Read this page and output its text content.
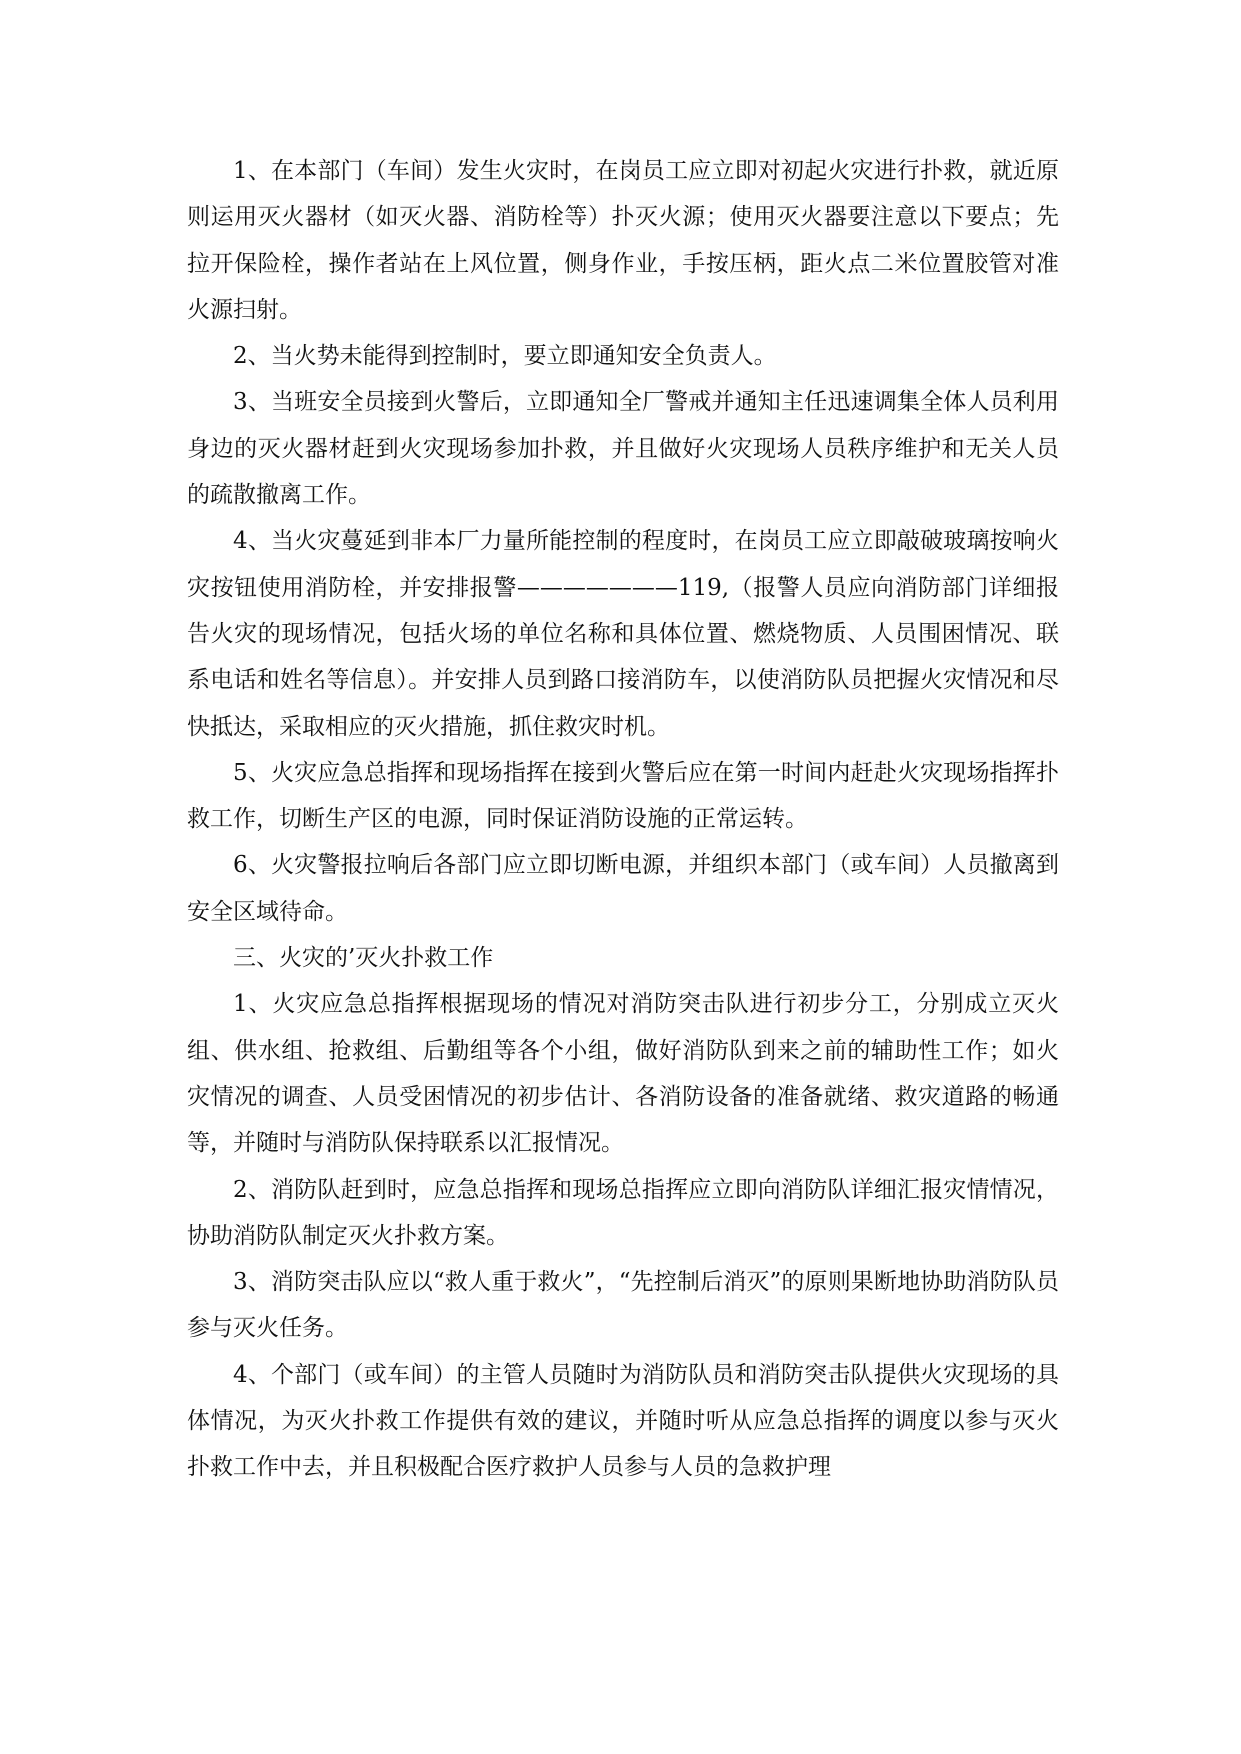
1、在本部门（车间）发生火灾时，在岗员工应立即对初起火灾进行扑救，就近原则运用灭火器材（如灭火器、消防栓等）扑灭火源；使用灭火器要注意以下要点；先拉开保险栓，操作者站在上风位置，侧身作业，手按压柄，距火点二米位置胶管对准火源扫射。

2、当火势未能得到控制时，要立即通知安全负责人。

3、当班安全员接到火警后，立即通知全厂警戒并通知主任迅速调集全体人员利用身边的灭火器材赶到火灾现场参加扑救，并且做好火灾现场人员秩序维护和无关人员的疏散撤离工作。

4、当火灾蔓延到非本厂力量所能控制的程度时，在岗员工应立即敲破玻璃按响火灾按钮使用消防栓，并安排报警———————119,（报警人员应向消防部门详细报告火灾的现场情况，包括火场的单位名称和具体位置、燃烧物质、人员围困情况、联系电话和姓名等信息）。并安排人员到路口接消防车，以使消防队员把握火灾情况和尽快抵达，采取相应的灭火措施，抓住救灾时机。

5、火灾应急总指挥和现场指挥在接到火警后应在第一时间内赶赴火灾现场指挥扑救工作，切断生产区的电源，同时保证消防设施的正常运转。

6、火灾警报拉响后各部门应立即切断电源，并组织本部门（或车间）人员撤离到安全区域待命。

三、火灾的’灭火扑救工作

1、火灾应急总指挥根据现场的情况对消防突击队进行初步分工，分别成立灭火组、供水组、抢救组、后勤组等各个小组，做好消防队到来之前的辅助性工作；如火灾情况的调查、人员受困情况的初步估计、各消防设备的准备就绪、救灾道路的畅通等，并随时与消防队保持联系以汇报情况。

2、消防队赶到时，应急总指挥和现场总指挥应立即向消防队详细汇报灾情情况，协助消防队制定灭火扑救方案。

3、消防突击队应以“救人重于救火”，“先控制后消灭”的原则果断地协助消防队员参与灭火任务。

4、个部门（或车间）的主管人员随时为消防队员和消防突击队提供火灾现场的具体情况，为灭火扑救工作提供有效的建议，并随时听从应急总指挥的调度以参与灭火扑救工作中去，并且积极配合医疗救护人员参与人员的急救护理
